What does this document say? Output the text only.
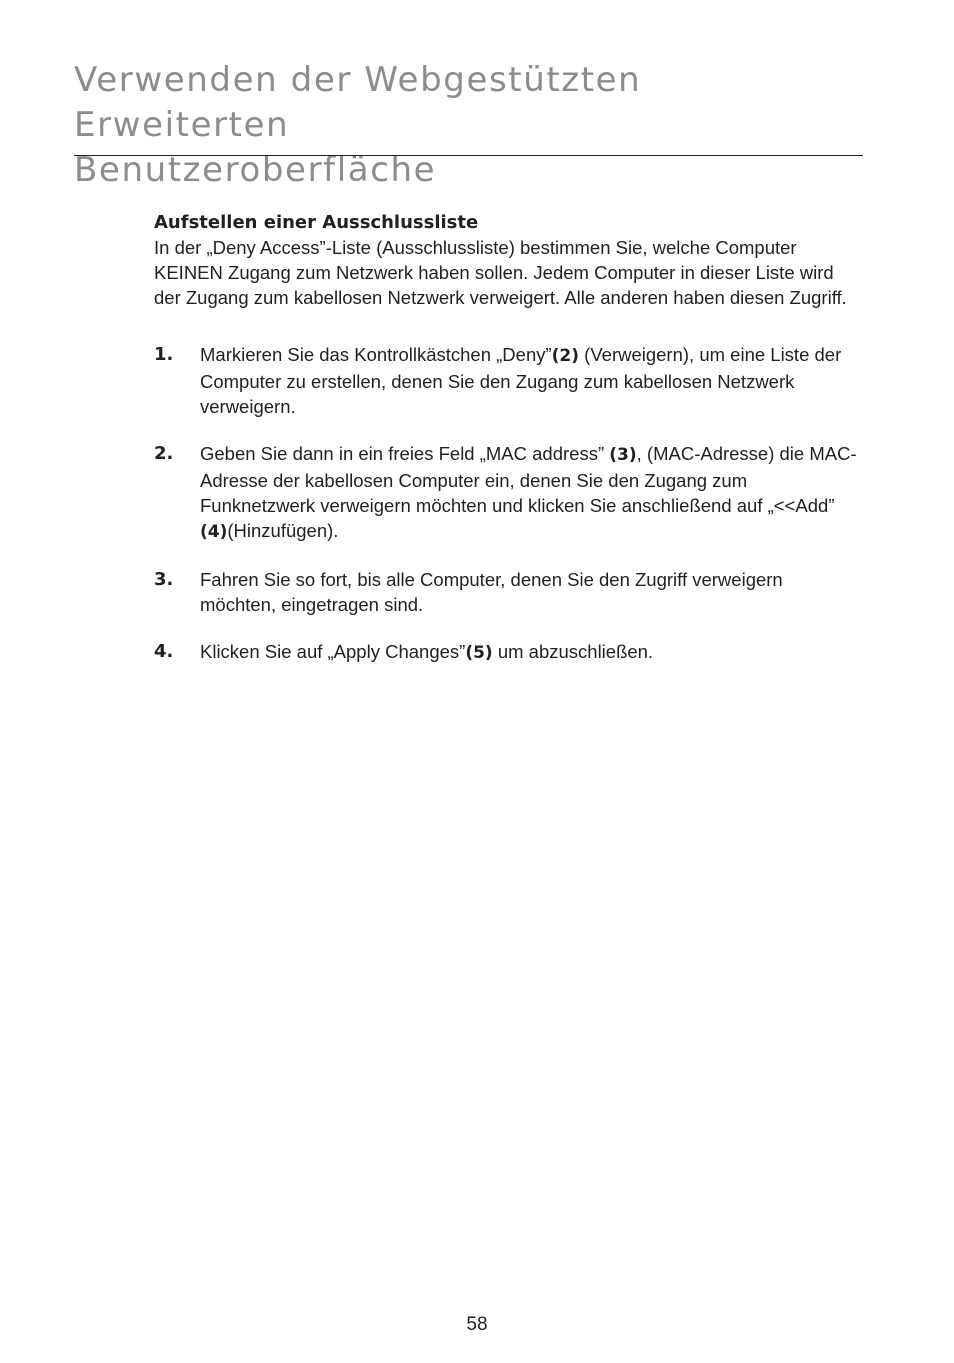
Verwenden der Webgestützten Erweiterten
Benutzeroberfläche
Aufstellen einer Ausschlussliste

In der „Deny Access”-Liste (Ausschlussliste) bestimmen Sie, welche Computer KEINEN Zugang zum Netzwerk haben sollen. Jedem Computer in dieser Liste wird der Zugang zum kabellosen Netzwerk verweigert. Alle anderen haben diesen Zugriff.

1. Markieren Sie das Kontrollkästchen „Deny”(2) (Verweigern), um eine Liste der Computer zu erstellen, denen Sie den Zugang zum kabellosen Netzwerk verweigern.
2. Geben Sie dann in ein freies Feld „MAC address” (3), (MAC-Adresse) die MAC-Adresse der kabellosen Computer ein, denen Sie den Zugang zum Funknetzwerk verweigern möchten und klicken Sie anschließend auf „<<Add” (4)(Hinzufügen).
3. Fahren Sie so fort, bis alle Computer, denen Sie den Zugriff verweigern möchten, eingetragen sind.
4. Klicken Sie auf „Apply Changes”(5) um abzuschließen.
58
